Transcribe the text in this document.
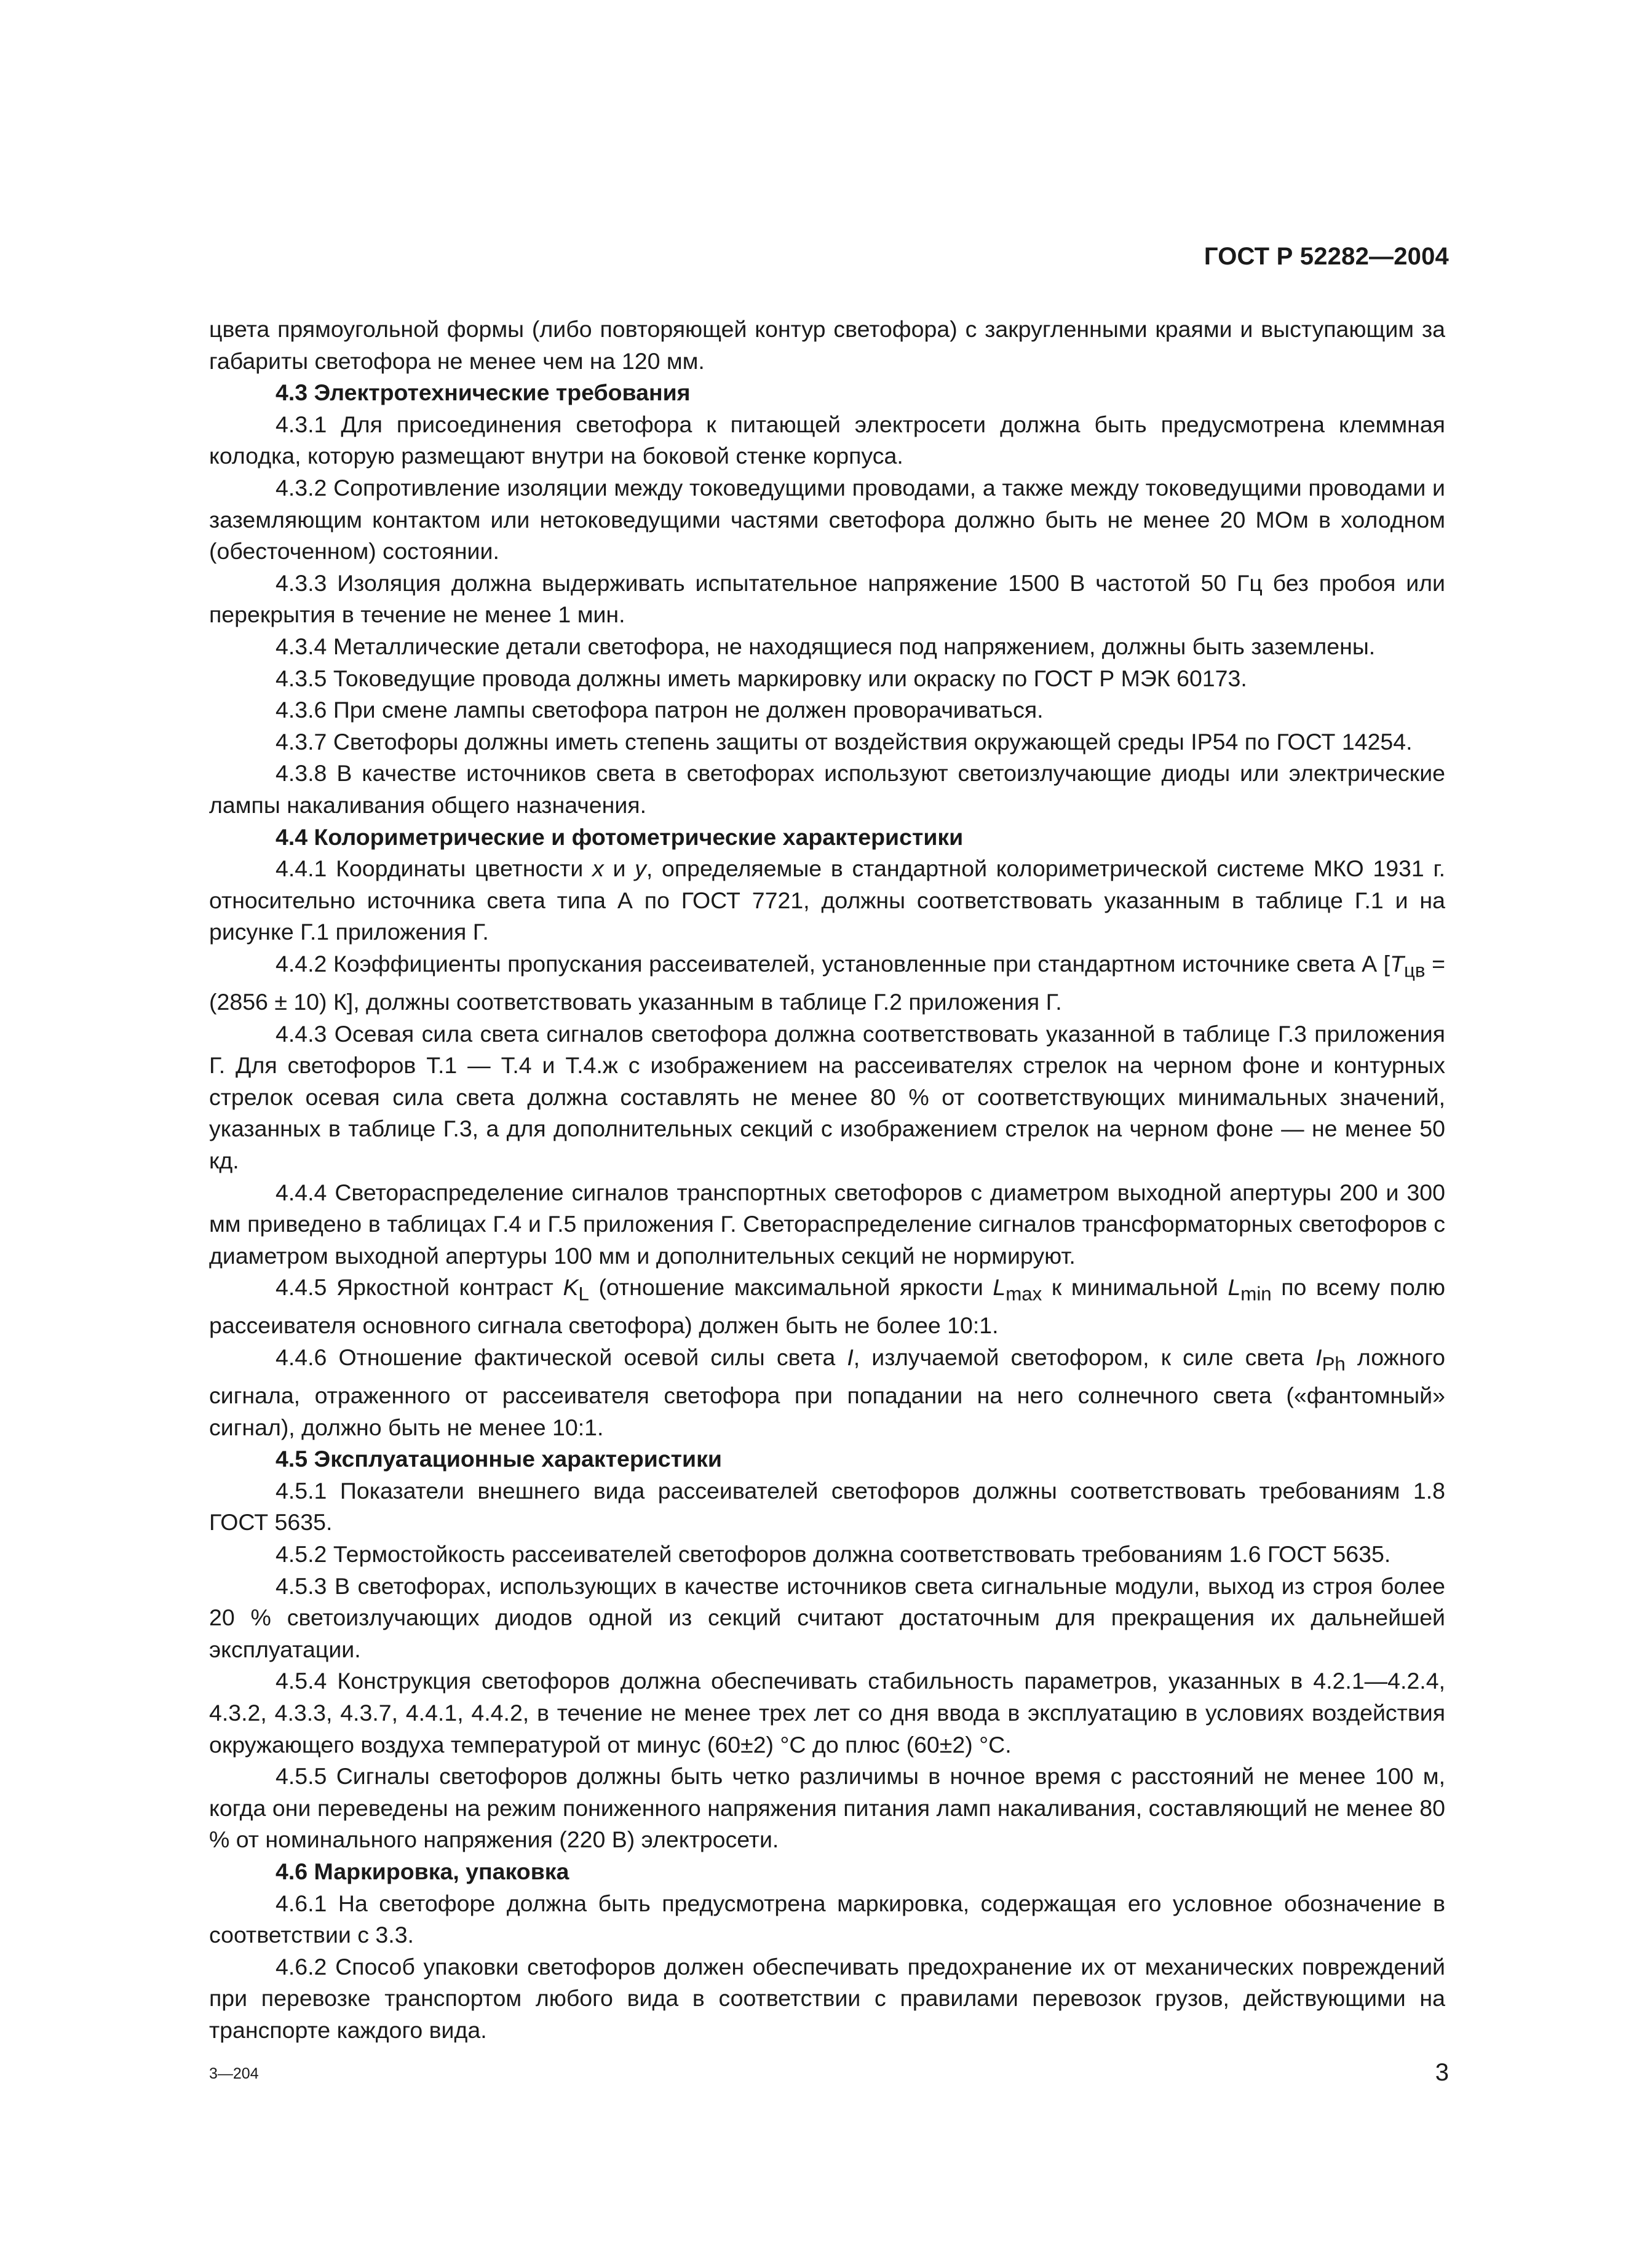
ГОСТ Р 52282—2004

цвета прямоугольной формы (либо повторяющей контур светофора) с закругленными краями и выступающим за габариты светофора не менее чем на 120 мм.

4.3 Электротехнические требования

4.3.1 Для присоединения светофора к питающей электросети должна быть предусмотрена клеммная колодка, которую размещают внутри на боковой стенке корпуса.

4.3.2 Сопротивление изоляции между токоведущими проводами, а также между токоведущими проводами и заземляющим контактом или нетоковедущими частями светофора должно быть не менее 20 МОм в холодном (обесточенном) состоянии.

4.3.3 Изоляция должна выдерживать испытательное напряжение 1500 В частотой 50 Гц без пробоя или перекрытия в течение не менее 1 мин.

4.3.4 Металлические детали светофора, не находящиеся под напряжением, должны быть заземлены.

4.3.5 Токоведущие провода должны иметь маркировку или окраску по ГОСТ Р МЭК 60173.

4.3.6 При смене лампы светофора патрон не должен проворачиваться.

4.3.7 Светофоры должны иметь степень защиты от воздействия окружающей среды IP54 по ГОСТ 14254.

4.3.8 В качестве источников света в светофорах используют светоизлучающие диоды или электрические лампы накаливания общего назначения.

4.4 Колориметрические и фотометрические характеристики

4.4.1 Координаты цветности x и y, определяемые в стандартной колориметрической системе МКО 1931 г. относительно источника света типа А по ГОСТ 7721, должны соответствовать указанным в таблице Г.1 и на рисунке Г.1 приложения Г.

4.4.2 Коэффициенты пропускания рассеивателей, установленные при стандартном источнике света А [$T_{цв} = (2856 \pm 10)$ К], должны соответствовать указанным в таблице Г.2 приложения Г.

4.4.3 Осевая сила света сигналов светофора должна соответствовать указанной в таблице Г.3 приложения Г. Для светофоров Т.1 — Т.4 и Т.4.ж с изображением на рассеивателях стрелок на черном фоне и контурных стрелок осевая сила света должна составлять не менее 80 % от соответствующих минимальных значений, указанных в таблице Г.3, а для дополнительных секций с изображением стрелок на черном фоне — не менее 50 кд.

4.4.4 Светораспределение сигналов транспортных светофоров с диаметром выходной апертуры 200 и 300 мм приведено в таблицах Г.4 и Г.5 приложения Г. Светораспределение сигналов трансформаторных светофоров с диаметром выходной апертуры 100 мм и дополнительных секций не нормируют.

4.4.5 Яркостной контраст $K_L$ (отношение максимальной яркости $L_{max}$ к минимальной $L_{min}$ по всему полю рассеивателя основного сигнала светофора) должен быть не более 10:1.

4.4.6 Отношение фактической осевой силы света I, излучаемой светофором, к силе света $I_{Ph}$ ложного сигнала, отраженного от рассеивателя светофора при попадании на него солнечного света («фантомный» сигнал), должно быть не менее 10:1.

4.5 Эксплуатационные характеристики

4.5.1 Показатели внешнего вида рассеивателей светофоров должны соответствовать требованиям 1.8 ГОСТ 5635.

4.5.2 Термостойкость рассеивателей светофоров должна соответствовать требованиям 1.6 ГОСТ 5635.

4.5.3 В светофорах, использующих в качестве источников света сигнальные модули, выход из строя более 20 % светоизлучающих диодов одной из секций считают достаточным для прекращения их дальнейшей эксплуатации.

4.5.4 Конструкция светофоров должна обеспечивать стабильность параметров, указанных в 4.2.1—4.2.4, 4.3.2, 4.3.3, 4.3.7, 4.4.1, 4.4.2, в течение не менее трех лет со дня ввода в эксплуатацию в условиях воздействия окружающего воздуха температурой от минус (60±2) °С до плюс (60±2) °С.

4.5.5 Сигналы светофоров должны быть четко различимы в ночное время с расстояний не менее 100 м, когда они переведены на режим пониженного напряжения питания ламп накаливания, составляющий не менее 80 % от номинального напряжения (220 В) электросети.

4.6 Маркировка, упаковка

4.6.1 На светофоре должна быть предусмотрена маркировка, содержащая его условное обозначение в соответствии с 3.3.

4.6.2 Способ упаковки светофоров должен обеспечивать предохранение их от механических повреждений при перевозке транспортом любого вида в соответствии с правилами перевозок грузов, действующими на транспорте каждого вида.

3—204	3
